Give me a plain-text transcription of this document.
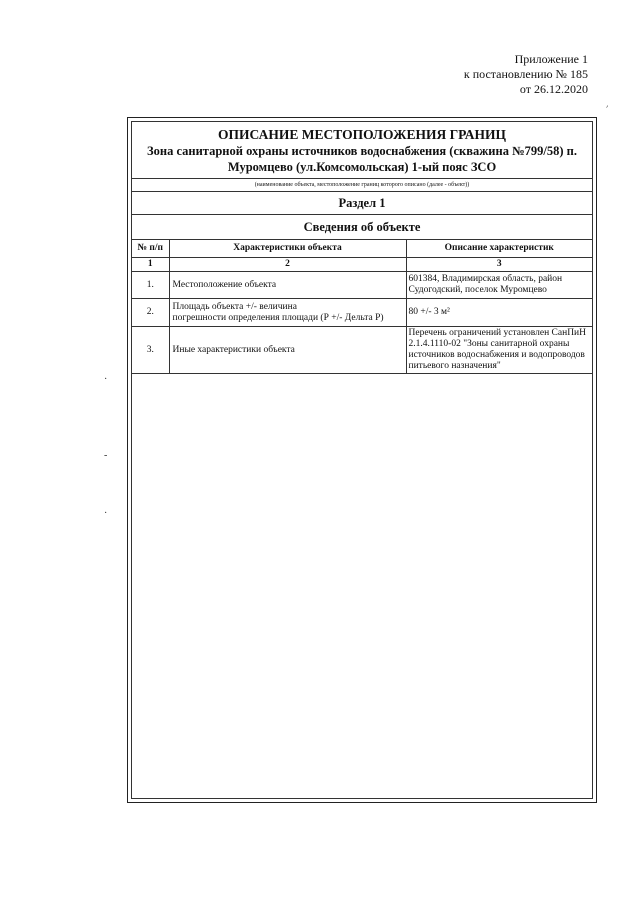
Приложение 1
к постановлению № 185
от 26.12.2020
׳
·
-
·
ОПИСАНИЕ МЕСТОПОЛОЖЕНИЯ ГРАНИЦ
Зона санитарной охраны источников водоснабжения (скважина №799/58) п.
Муромцево (ул.Комсомольская) 1-ый пояс ЗСО
(наименование объекта, местоположение границ которого описано (далее - объект))
Раздел 1
Сведения об объекте
№ п/п	Характеристики объекта	Описание характеристик
1	2	3
1.	Местоположение объекта	601384, Владимирская область, район Судогодский, поселок Муромцево
2.	Площадь объекта +/- величина
погрешности определения площади (Р +/- Дельта Р)	80 +/- 3 м²
3.	Иные характеристики объекта	Перечень ограничений установлен СанПиН 2.1.4.1110-02 "Зоны санитарной охраны источников водоснабжения и водопроводов питьевого назначения"
